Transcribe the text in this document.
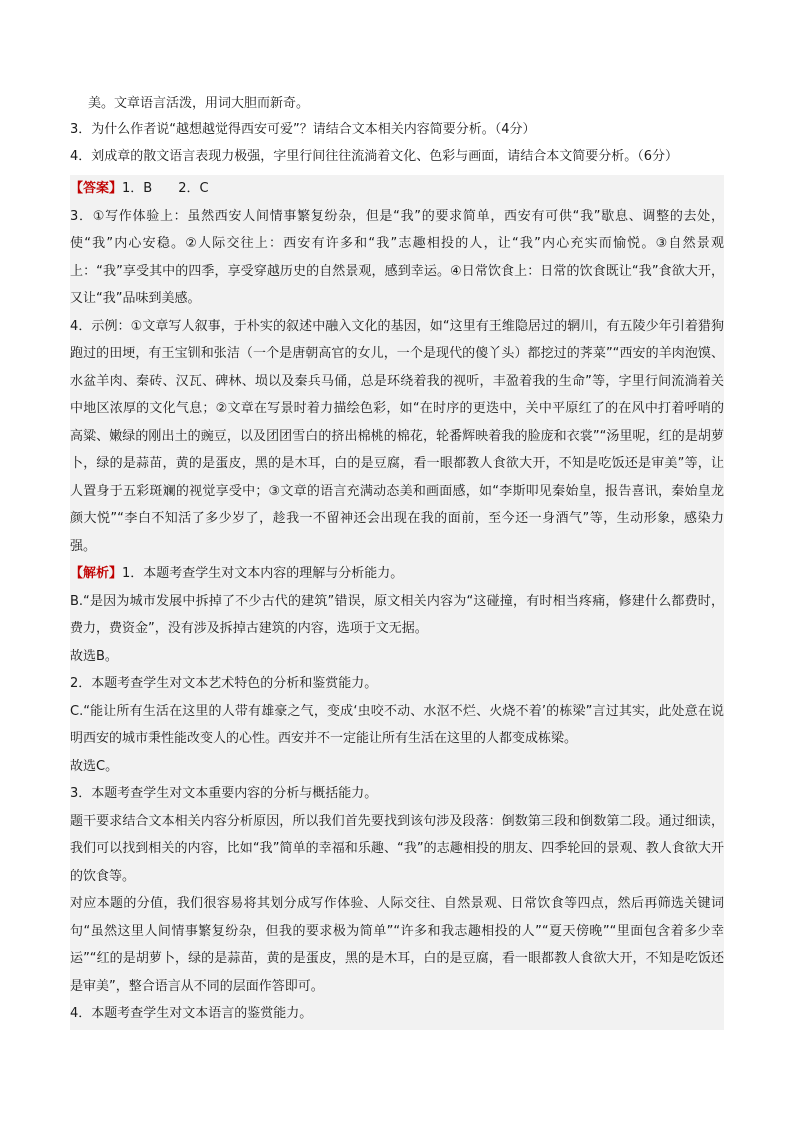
美。文章语言活泼，用词大胆而新奇。
3．为什么作者说“越想越觉得西安可爱”？请结合文本相关内容简要分析。（4分）
4．刘成章的散文语言表现力极强，字里行间往往流淌着文化、色彩与画面，请结合本文简要分析。（6分）

【答案】1．B　　2．C

3．①写作体验上：虽然西安人间情事繁复纷杂，但是“我”的要求简单，西安有可供“我”歇息、调整的去处，使“我”内心安稳。②人际交往上：西安有许多和“我”志趣相投的人，让“我”内心充实而愉悦。③自然景观上：“我”享受其中的四季，享受穿越历史的自然景观，感到幸运。④日常饮食上：日常的饮食既让“我”食欲大开，又让“我”品味到美感。

4．示例：①文章写人叙事，于朴实的叙述中融入文化的基因，如“这里有王维隐居过的辋川，有五陵少年引着猎狗跑过的田埂，有王宝钏和张洁（一个是唐朝高官的女儿，一个是现代的傻丫头）都挖过的荠菜”“西安的羊肉泡馍、水盆羊肉、秦砖、汉瓦、碑林、埙以及秦兵马俑，总是环绕着我的视听，丰盈着我的生命”等，字里行间流淌着关中地区浓厚的文化气息；②文章在写景时着力描绘色彩，如“在时序的更迭中，关中平原红了的在风中打着呼哨的高粱、嫩绿的刚出土的豌豆，以及团团雪白的挤出棉桃的棉花，轮番辉映着我的脸庞和衣裳”“汤里呢，红的是胡萝卜，绿的是蒜苗，黄的是蛋皮，黑的是木耳，白的是豆腐，看一眼都教人食欲大开，不知是吃饭还是审美”等，让人置身于五彩斑斓的视觉享受中；③文章的语言充满动态美和画面感，如“李斯叩见秦始皇，报告喜讯，秦始皇龙颜大悦”“李白不知活了多少岁了，趁我一不留神还会出现在我的面前，至今还一身酒气”等，生动形象，感染力强。

【解析】1．本题考查学生对文本内容的理解与分析能力。

B.“是因为城市发展中拆掉了不少古代的建筑”错误，原文相关内容为“这碰撞，有时相当疼痛，修建什么都费时，费力，费资金”，没有涉及拆掉古建筑的内容，选项于文无据。

故选B。

2．本题考查学生对文本艺术特色的分析和鉴赏能力。

C.“能让所有生活在这里的人带有雄豪之气，变成‘虫咬不动、水沤不烂、火烧不着’的栋梁”言过其实，此处意在说明西安的城市秉性能改变人的心性。西安并不一定能让所有生活在这里的人都变成栋梁。

故选C。

3．本题考查学生对文本重要内容的分析与概括能力。

题干要求结合文本相关内容分析原因，所以我们首先要找到该句涉及段落：倒数第三段和倒数第二段。通过细读，我们可以找到相关的内容，比如“我”简单的幸福和乐趣、“我”的志趣相投的朋友、四季轮回的景观、教人食欲大开的饮食等。

对应本题的分值，我们很容易将其划分成写作体验、人际交往、自然景观、日常饮食等四点，然后再筛选关键词句“虽然这里人间情事繁复纷杂，但我的要求极为简单”“许多和我志趣相投的人”“夏天傍晚”“里面包含着多少幸运”“红的是胡萝卜，绿的是蒜苗，黄的是蛋皮，黑的是木耳，白的是豆腐，看一眼都教人食欲大开，不知是吃饭还是审美”，整合语言从不同的层面作答即可。

4．本题考查学生对文本语言的鉴赏能力。
